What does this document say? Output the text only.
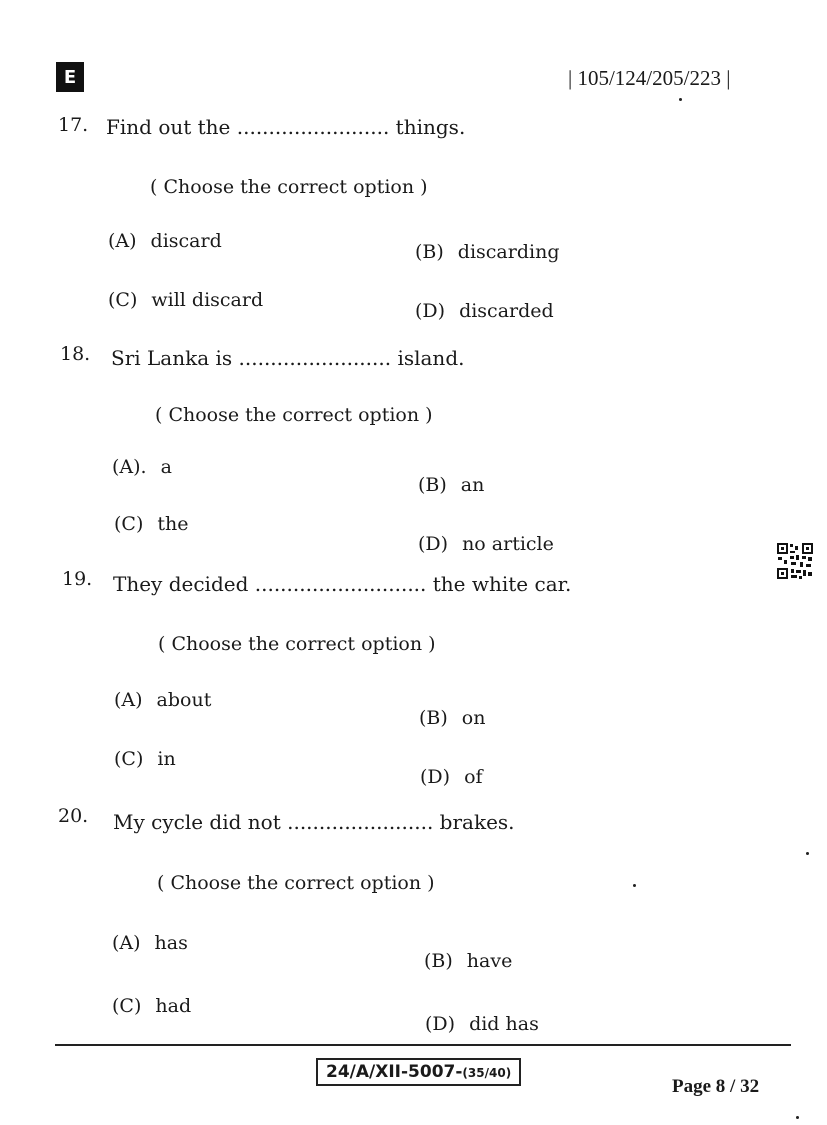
E	| 105/124/205/223 |
17. Find out the ........................ things.
( Choose the correct option )
(A) discard	(B) discarding
(C) will discard	(D) discarded
18. Sri Lanka is ........................ island.
( Choose the correct option )
(A). a
(B) an
(C) the
(D) no article
19. They decided ........................... the white car.
( Choose the correct option )
(A) about
(B) on
(C) in
(D) of
20. My cycle did not ....................... brakes.
( Choose the correct option )
(A) has
(B) have
(C) had
(D) did has
24/A/XII-5007-(35/40)
Page 8 / 32
